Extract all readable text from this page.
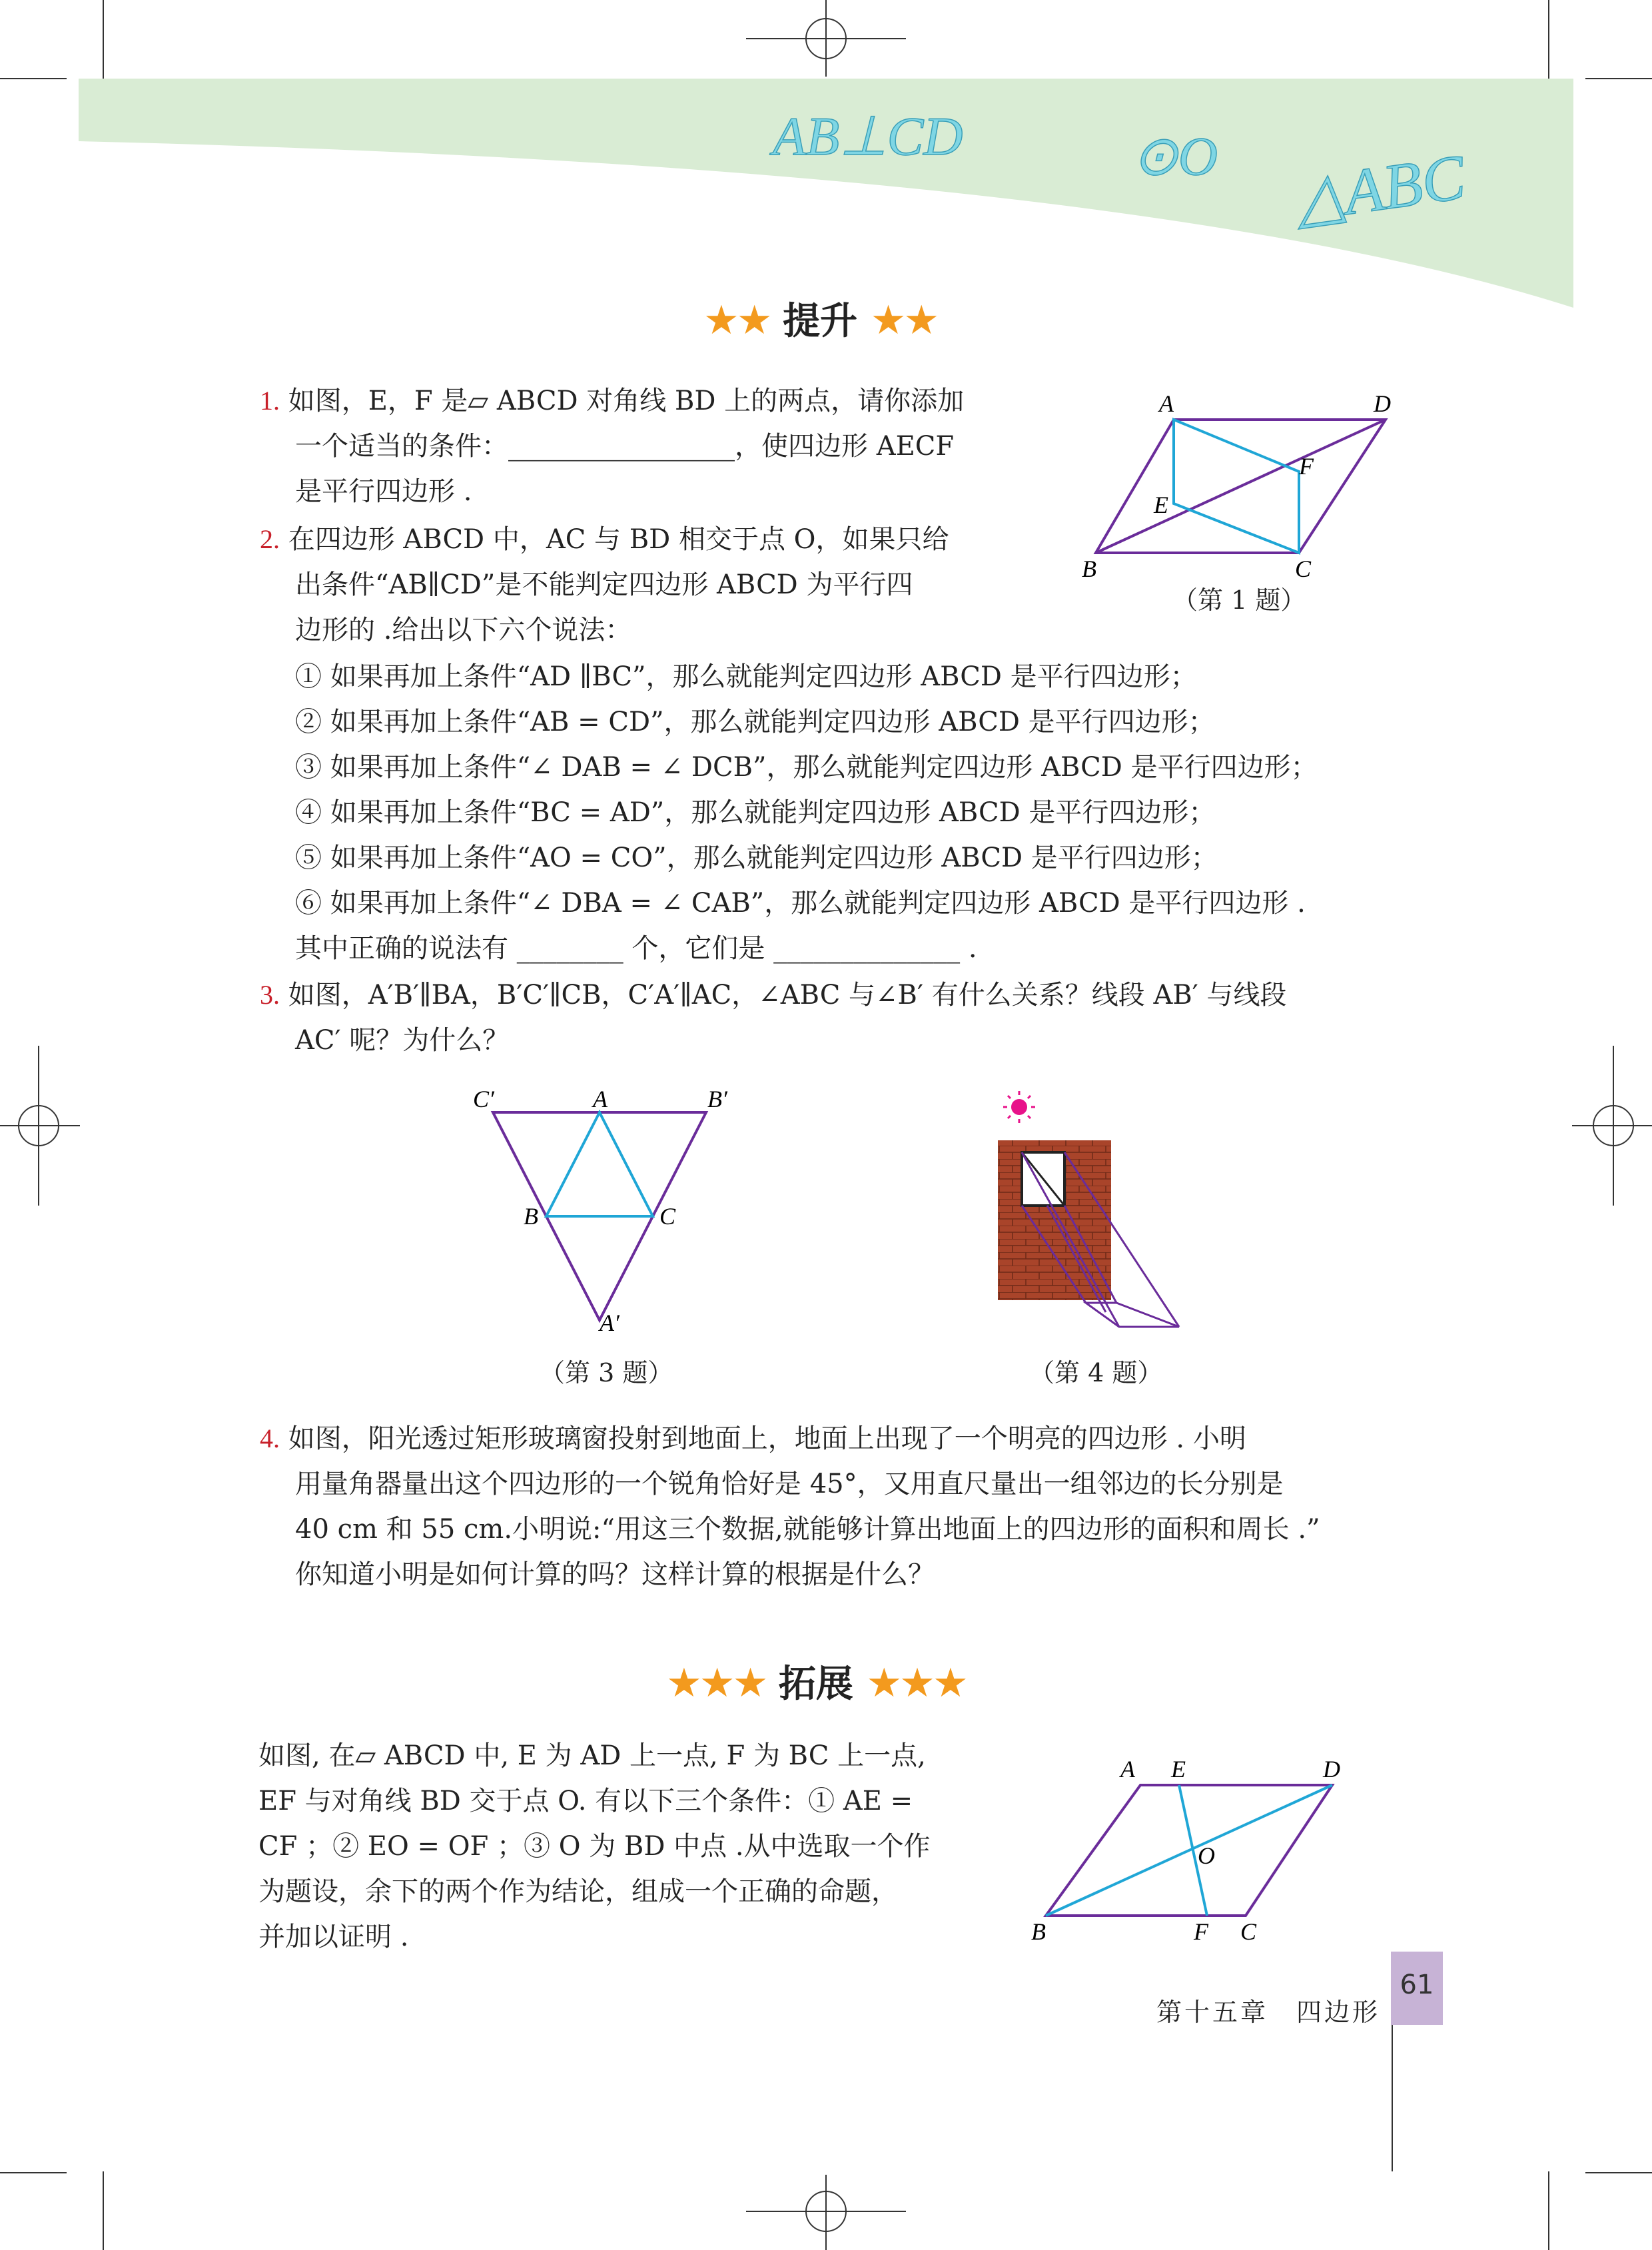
AB⊥CD	⊙O △ABC
★★ 提升 ★★
1. 如图，E，F 是▱ ABCD 对角线 BD 上的两点，请你添加
一个适当的条件：_________________，使四边形 AECF
是平行四边形 .
A	D
F
E
B	C
（第 1 题）
2. 在四边形 ABCD 中，AC 与 BD 相交于点 O，如果只给
出条件“AB∥CD”是不能判定四边形 ABCD 为平行四
边形的 .给出以下六个说法：
① 如果再加上条件“AD ∥BC”，那么就能判定四边形 ABCD 是平行四边形；
② 如果再加上条件“AB = CD”，那么就能判定四边形 ABCD 是平行四边形；
③ 如果再加上条件“∠ DAB = ∠ DCB”，那么就能判定四边形 ABCD 是平行四边形；
④ 如果再加上条件“BC = AD”，那么就能判定四边形 ABCD 是平行四边形；
⑤ 如果再加上条件“AO = CO”，那么就能判定四边形 ABCD 是平行四边形；
⑥ 如果再加上条件“∠ DBA = ∠ CAB”，那么就能判定四边形 ABCD 是平行四边形 .
其中正确的说法有 ________ 个，它们是 ______________ .
3. 如图，A′B′∥BA，B′C′∥CB，C′A′∥AC，∠ABC 与∠B′ 有什么关系？线段 AB′ 与线段
AC′ 呢？为什么？
C′	A	B′
B	C
A′
（第 3 题）	（第 4 题）
4. 如图，阳光透过矩形玻璃窗投射到地面上，地面上出现了一个明亮的四边形 . 小明
用量角器量出这个四边形的一个锐角恰好是 45°，又用直尺量出一组邻边的长分别是
40 cm 和 55 cm.小明说:“用这三个数据,就能够计算出地面上的四边形的面积和周长 .”
你知道小明是如何计算的吗？这样计算的根据是什么？
★★★ 拓展 ★★★
如图, 在▱ ABCD 中, E 为 AD 上一点, F 为 BC 上一点,
EF 与对角线 BD 交于点 O. 有以下三个条件：① AE =
CF ；② EO = OF ；③ O 为 BD 中点 .从中选取一个作
为题设，余下的两个作为结论，组成一个正确的命题，
并加以证明 .
A E	D
O
B	F C
第十五章　四边形
61
